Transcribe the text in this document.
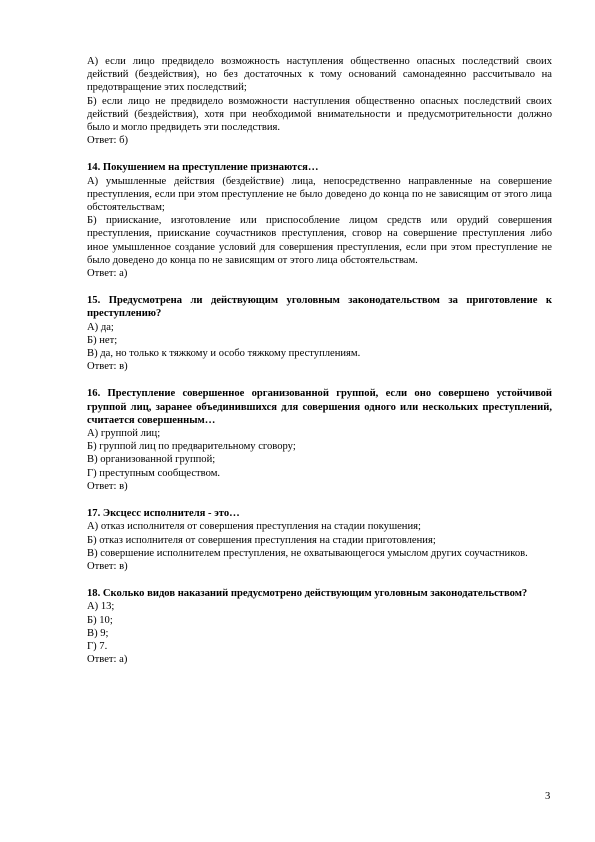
А) если лицо предвидело возможность наступления общественно опасных последствий своих действий (бездействия), но без достаточных к тому оснований самонадеянно рассчитывало на предотвращение этих последствий;

Б) если лицо не предвидело возможности наступления общественно опасных последствий своих действий (бездействия), хотя при необходимой внимательности и предусмотрительности должно было и могло предвидеть эти последствия.

Ответ: б)

14. Покушением на преступление признаются…

А) умышленные действия (бездействие) лица, непосредственно направленные на совершение преступления, если при этом преступление не было доведено до конца по не зависящим от этого лица обстоятельствам;

Б) приискание, изготовление или приспособление лицом средств или орудий совершения преступления, приискание соучастников преступления, сговор на совершение преступления либо иное умышленное создание условий для совершения преступления, если при этом преступление не было доведено до конца по не зависящим от этого лица обстоятельствам.

Ответ: а)

15. Предусмотрена ли действующим уголовным законодательством за приготовление к преступлению?

А) да;

Б) нет;

В) да, но только к тяжкому и особо тяжкому преступлениям.

Ответ: в)

16. Преступление совершенное организованной группой, если оно совершено устойчивой группой лиц, заранее объединившихся для совершения одного или нескольких преступлений, считается совершенным…

А) группой лиц;

Б) группой лиц по предварительному сговору;

В) организованной группой;

Г) преступным сообществом.

Ответ: в)

17. Эксцесс исполнителя - это…

А) отказ исполнителя от совершения преступления на стадии покушения;

Б) отказ исполнителя от совершения преступления на стадии приготовления;

В) совершение исполнителем преступления, не охватывающегося умыслом других соучастников.

Ответ: в)

18. Сколько видов наказаний предусмотрено действующим уголовным законодательством?

А) 13;

Б) 10;

В) 9;

Г) 7.

Ответ: а)

3
